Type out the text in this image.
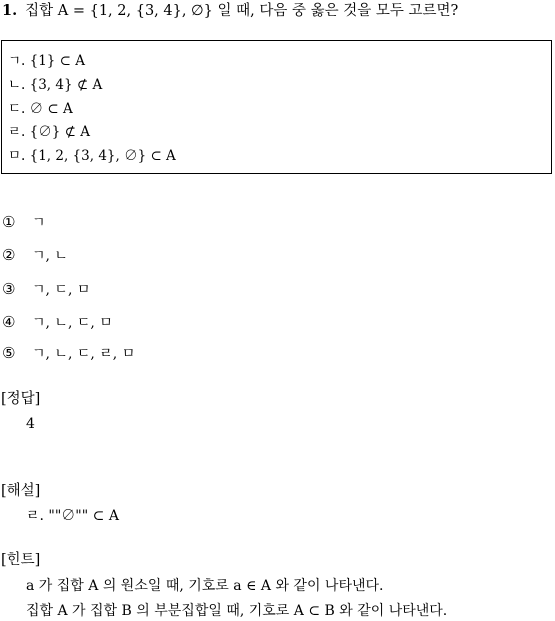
1. 집합 A = {1, 2, {3, 4}, ∅} 일 때, 다음 중 옳은 것을 모두 고르면?
ㄱ. {1} ⊂ A
ㄴ. {3, 4} ⊄ A
ㄷ. ∅ ⊂ A
ㄹ. {∅} ⊄ A
ㅁ. {1, 2, {3, 4}, ∅} ⊂ A
① ㄱ
② ㄱ, ㄴ
③ ㄱ, ㄷ, ㅁ
④ ㄱ, ㄴ, ㄷ, ㅁ
⑤ ㄱ, ㄴ, ㄷ, ㄹ, ㅁ
[정답]
4
[해설]
ㄹ. ""∅"" ⊂ A
[힌트]
a 가 집합 A 의 원소일 때, 기호로 a ∈ A 와 같이 나타낸다.
집합 A 가 집합 B 의 부분집합일 때, 기호로 A ⊂ B 와 같이 나타낸다.
